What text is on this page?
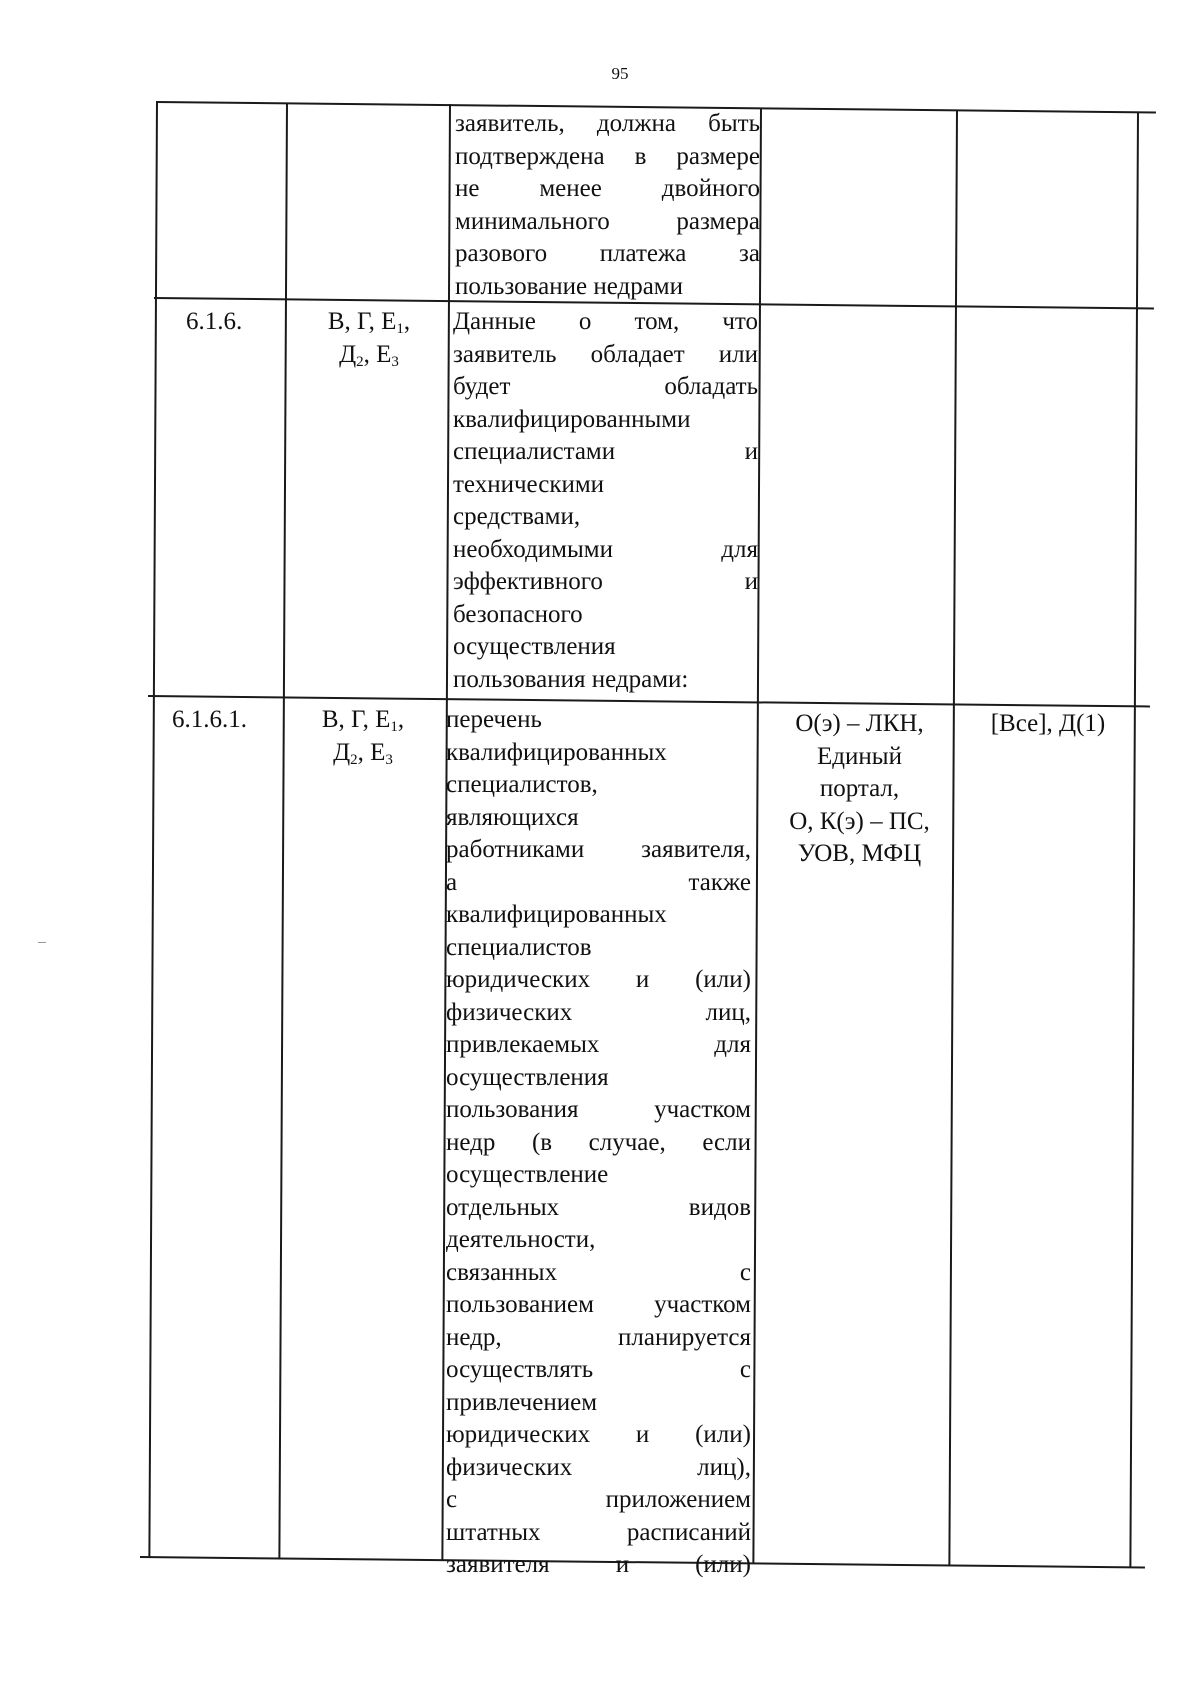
95
заявитель, должна быть
подтверждена в размере
не менее двойного
минимального размера
разового платежа за
пользование недрами
6.1.6.	В, Г, $Е_1$,
$Д_2$, $Е_3$
Данные о том, что
заявитель обладает или
будет обладать
квалифицированными
специалистами и
техническими
средствами,
необходимыми для
эффективного и
безопасного
осуществления
пользования недрами:
6.1.6.1.	В, Г, $Е_1$,
$Д_2$, $Е_3$
перечень
квалифицированных
специалистов,
являющихся
работниками заявителя,
а также
квалифицированных
специалистов
юридических и (или)
физических лиц,
привлекаемых для
осуществления
пользования участком
недр (в случае, если
осуществление
отдельных видов
деятельности,
связанных с
пользованием участком
недр, планируется
осуществлять с
привлечением
юридических и (или)
физических лиц),
с приложением
штатных расписаний
заявителя и (или)
О(э) – ЛКН,
Единый
портал,
О, К(э) – ПС,
УОВ, МФЦ
[Все], Д(1)
